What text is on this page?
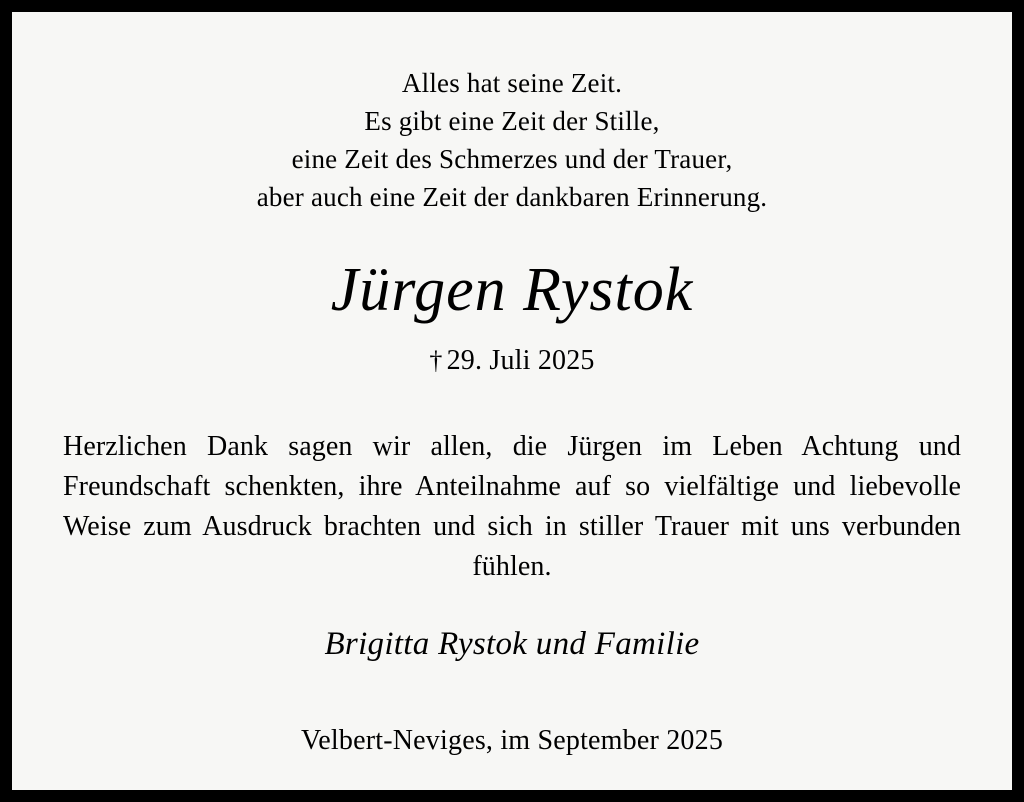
Alles hat seine Zeit.
Es gibt eine Zeit der Stille,
eine Zeit des Schmerzes und der Trauer,
aber auch eine Zeit der dankbaren Erinnerung.
Jürgen Rystok
† 29. Juli 2025
Herzlichen Dank sagen wir allen, die Jürgen im Leben Achtung und Freundschaft schenkten, ihre Anteilnahme auf so vielfältige und liebevolle Weise zum Ausdruck brachten und sich in stiller Trauer mit uns verbunden fühlen.
Brigitta Rystok und Familie
Velbert-Neviges, im September 2025
